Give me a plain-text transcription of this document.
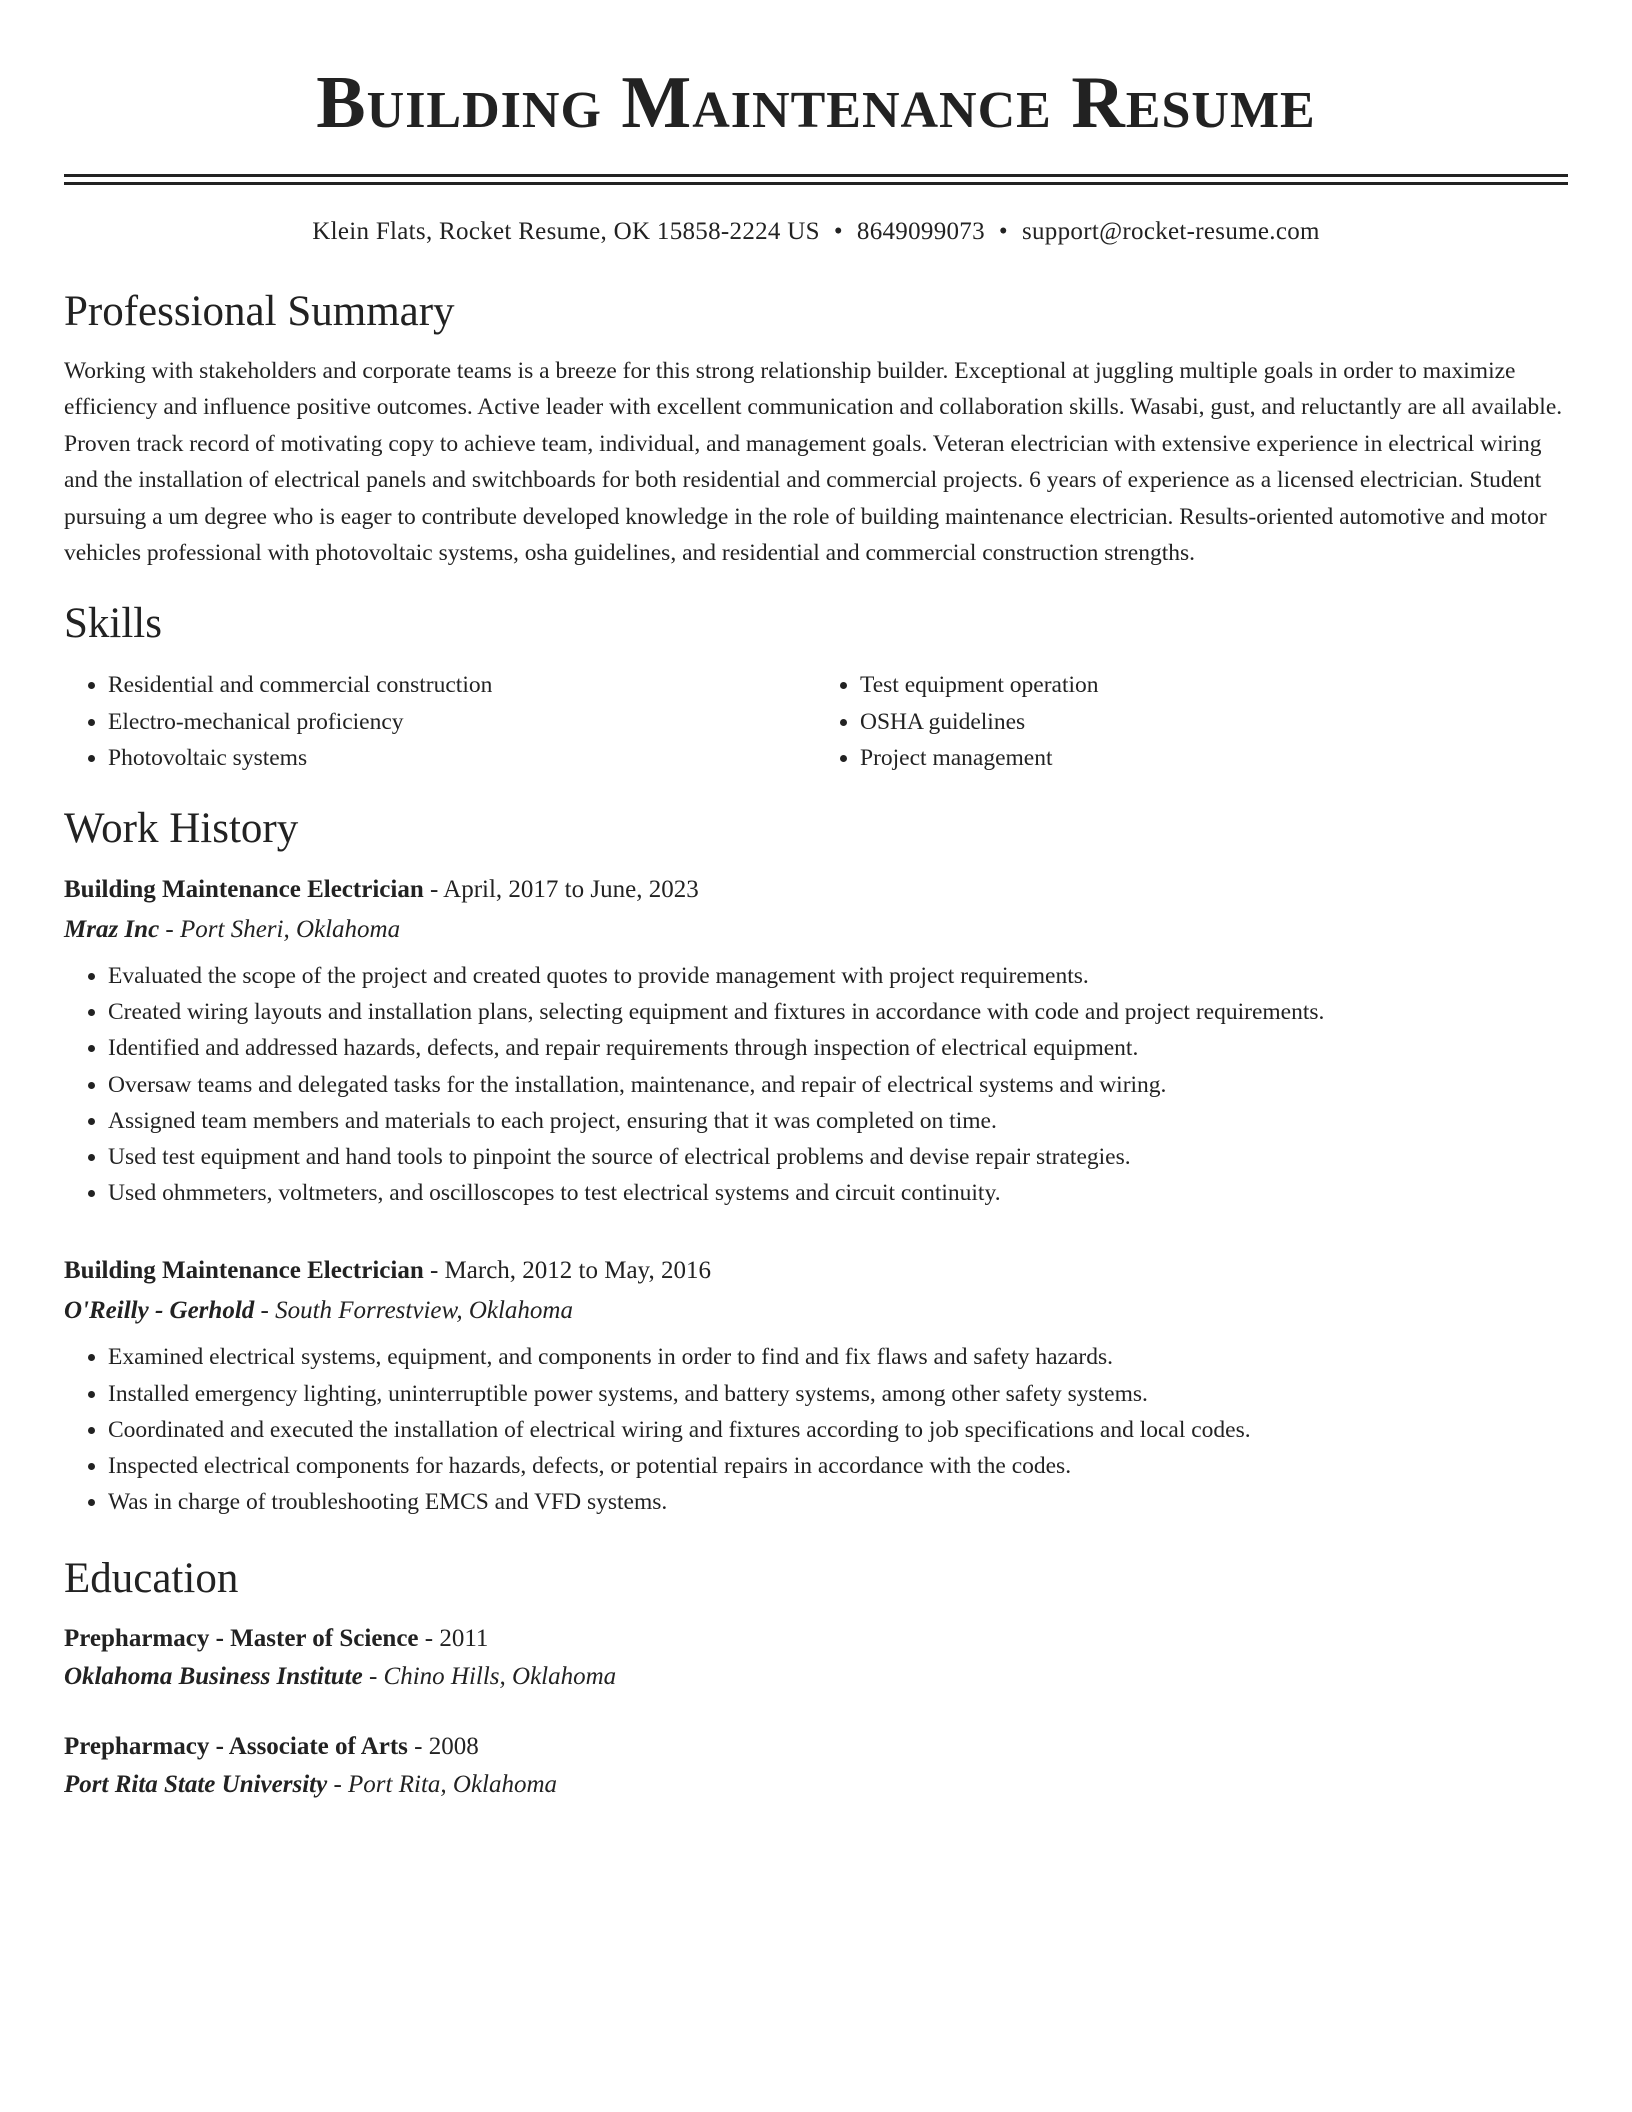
Building Maintenance Resume
Klein Flats, Rocket Resume, OK 15858-2224 US • 8649099073 • support@rocket-resume.com
Professional Summary

Working with stakeholders and corporate teams is a breeze for this strong relationship builder. Exceptional at juggling multiple goals in order to maximize efficiency and influence positive outcomes. Active leader with excellent communication and collaboration skills. Wasabi, gust, and reluctantly are all available. Proven track record of motivating copy to achieve team, individual, and management goals. Veteran electrician with extensive experience in electrical wiring and the installation of electrical panels and switchboards for both residential and commercial projects. 6 years of experience as a licensed electrician. Student pursuing a um degree who is eager to contribute developed knowledge in the role of building maintenance electrician. Results-oriented automotive and motor vehicles professional with photovoltaic systems, osha guidelines, and residential and commercial construction strengths.

Skills
• Residential and commercial construction
• Electro-mechanical proficiency
• Photovoltaic systems
• Test equipment operation
• OSHA guidelines
• Project management
Work History
Building Maintenance Electrician - April, 2017 to June, 2023
Mraz Inc - Port Sheri, Oklahoma
• Evaluated the scope of the project and created quotes to provide management with project requirements.
• Created wiring layouts and installation plans, selecting equipment and fixtures in accordance with code and project requirements.
• Identified and addressed hazards, defects, and repair requirements through inspection of electrical equipment.
• Oversaw teams and delegated tasks for the installation, maintenance, and repair of electrical systems and wiring.
• Assigned team members and materials to each project, ensuring that it was completed on time.
• Used test equipment and hand tools to pinpoint the source of electrical problems and devise repair strategies.
• Used ohmmeters, voltmeters, and oscilloscopes to test electrical systems and circuit continuity.
Building Maintenance Electrician - March, 2012 to May, 2016
O'Reilly - Gerhold - South Forrestview, Oklahoma
• Examined electrical systems, equipment, and components in order to find and fix flaws and safety hazards.
• Installed emergency lighting, uninterruptible power systems, and battery systems, among other safety systems.
• Coordinated and executed the installation of electrical wiring and fixtures according to job specifications and local codes.
• Inspected electrical components for hazards, defects, or potential repairs in accordance with the codes.
• Was in charge of troubleshooting EMCS and VFD systems.
Education
Prepharmacy - Master of Science - 2011
Oklahoma Business Institute - Chino Hills, Oklahoma
Prepharmacy - Associate of Arts - 2008
Port Rita State University - Port Rita, Oklahoma
